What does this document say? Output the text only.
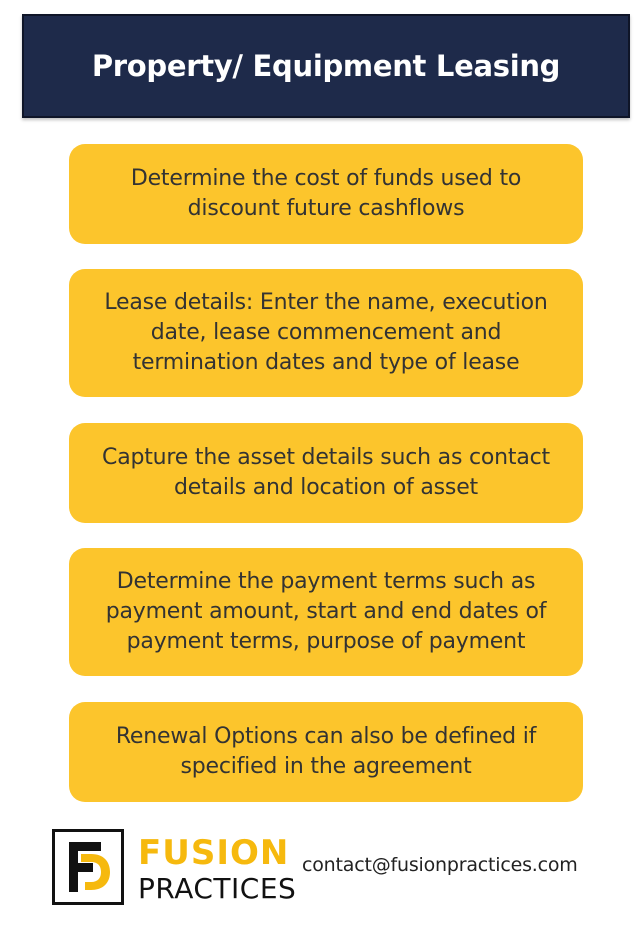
Property/ Equipment Leasing
Determine the cost of funds used to discount future cashflows
Lease details: Enter the name, execution date, lease commencement and termination dates and type of lease
Capture the asset details such as contact details and location of asset
Determine the payment terms such as payment amount, start and end dates of payment terms, purpose of payment
Renewal Options can also be defined if specified in the agreement
FUSION
PRACTICES
contact@fusionpractices.com
